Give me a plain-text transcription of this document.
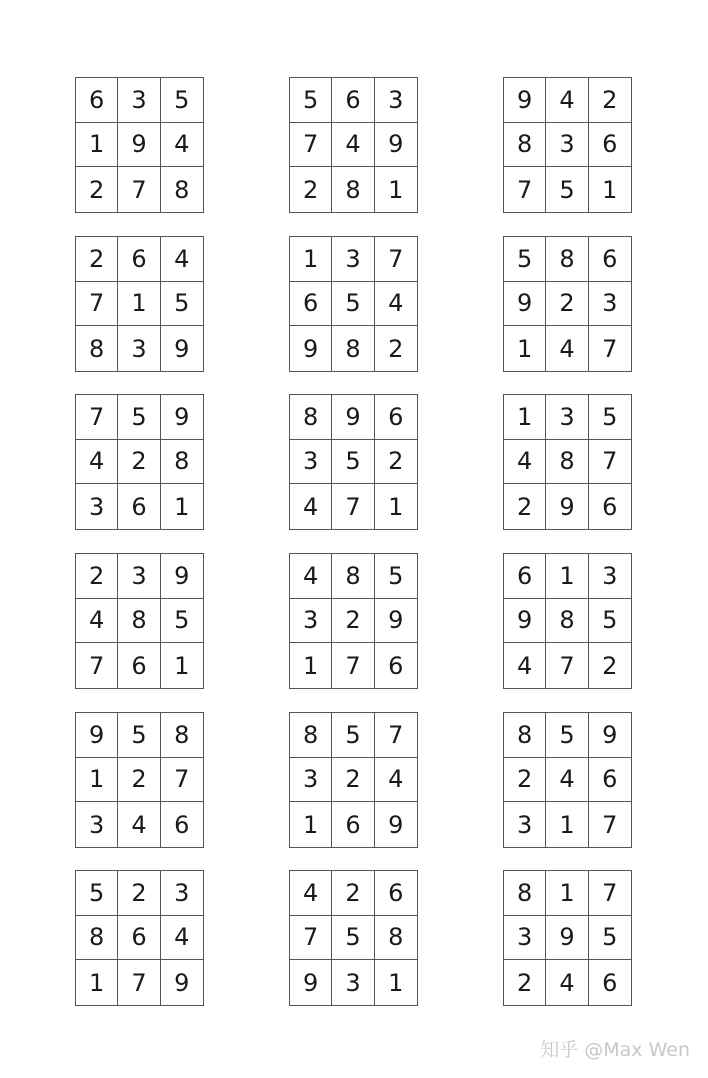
6	3	5
1	9	4
2	7	8
5	6	3
7	4	9
2	8	1
9	4	2
8	3	6
7	5	1
2	6	4
7	1	5
8	3	9
1	3	7
6	5	4
9	8	2
5	8	6
9	2	3
1	4	7
7	5	9
4	2	8
3	6	1
8	9	6
3	5	2
4	7	1
1	3	5
4	8	7
2	9	6
2	3	9
4	8	5
7	6	1
4	8	5
3	2	9
1	7	6
6	1	3
9	8	5
4	7	2
9	5	8
1	2	7
3	4	6
8	5	7
3	2	4
1	6	9
8	5	9
2	4	6
3	1	7
5	2	3
8	6	4
1	7	9
4	2	6
7	5	8
9	3	1
8	1	7
3	9	5
2	4	6
知乎 @Max Wen
